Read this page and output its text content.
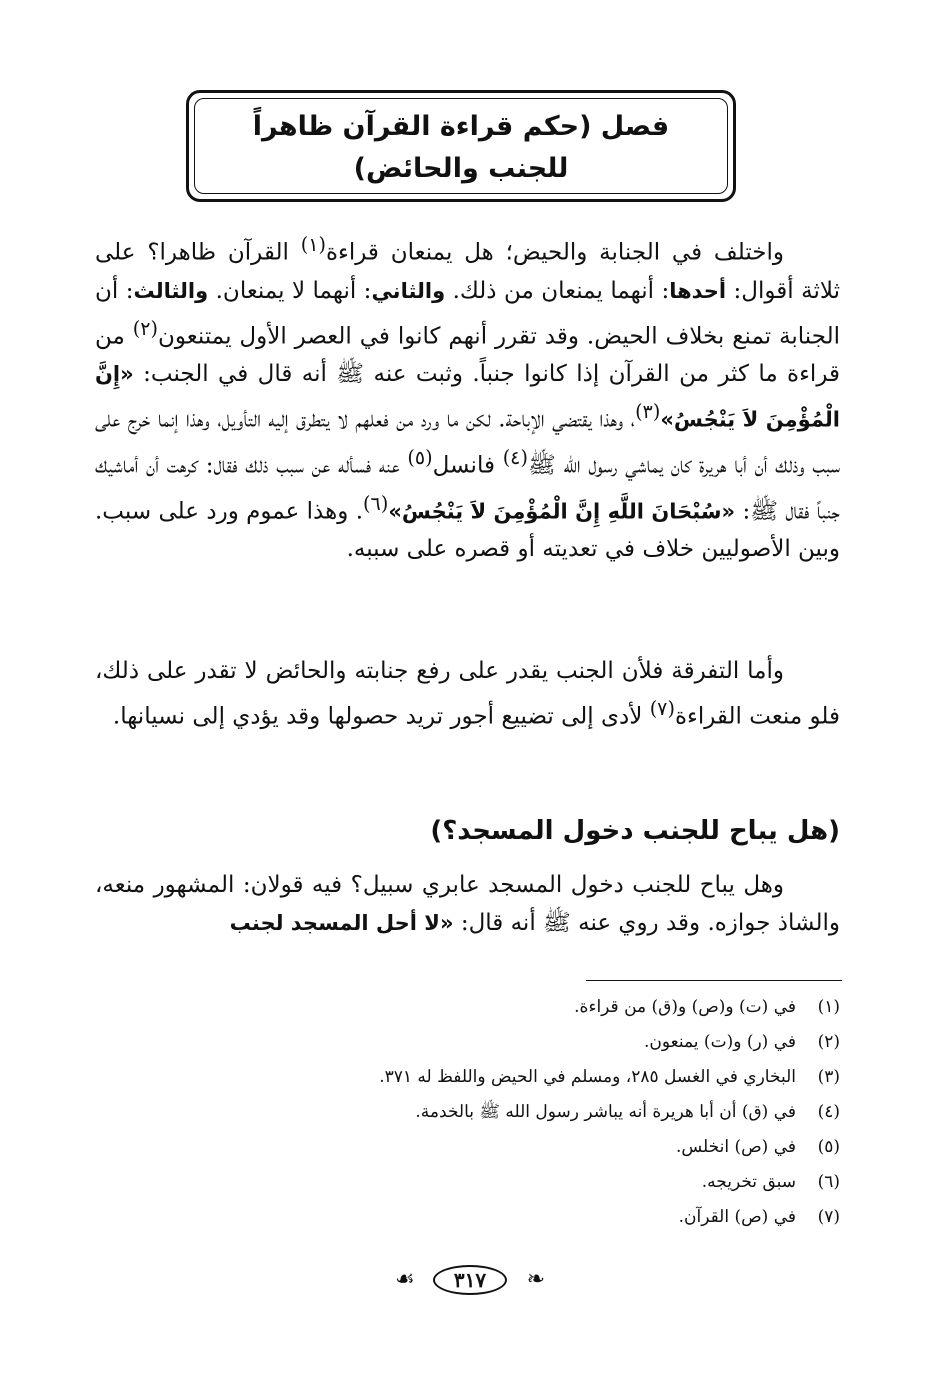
فصل (حكم قراءة القرآن ظاهراً
للجنب والحائض)

واختلف في الجنابة والحيض؛ هل يمنعان قراءة$^{(١)}$ القرآن ظاهرا؟ على ثلاثة أقوال: أحدها: أنهما يمنعان من ذلك. والثاني: أنهما لا يمنعان. والثالث: أن الجنابة تمنع بخلاف الحيض. وقد تقرر أنهم كانوا في العصر الأول يمتنعون$^{(٢)}$ من قراءة ما كثر من القرآن إذا كانوا جنباً. وثبت عنه ﷺ أنه قال في الجنب: «إِنَّ الْمُؤْمِنَ لاَ يَنْجُسُ»$^{(٣)}$، وهذا يقتضي الإباحة. لكن ما ورد من فعلهم لا يتطرق إليه التأويل، وهذا إنما خرج على سبب وذلك أن أبا هريرة كان يماشي رسول الله ﷺ$^{(٤)}$ فانسل$^{(٥)}$ عنه فسأله عن سبب ذلك فقال: كرهت أن أماشيك جنباً فقال ﷺ: «سُبْحَانَ اللَّهِ إِنَّ الْمُؤْمِنَ لاَ يَنْجُسُ»$^{(٦)}$. وهذا عموم ورد على سبب. وبين الأصوليين خلاف في تعديته أو قصره على سببه.

وأما التفرقة فلأن الجنب يقدر على رفع جنابته والحائض لا تقدر على ذلك، فلو منعت القراءة$^{(٧)}$ لأدى إلى تضييع أجور تريد حصولها وقد يؤدي إلى نسيانها.

(هل يباح للجنب دخول المسجد؟)

وهل يباح للجنب دخول المسجد عابري سبيل؟ فيه قولان: المشهور منعه، والشاذ جوازه. وقد روي عنه ﷺ أنه قال: «لا أحل المسجد لجنب

(١)في (ت) و(ص) و(ق) من قراءة.
(٢)في (ر) و(ت) يمنعون.
(٣)البخاري في الغسل ٢٨٥، ومسلم في الحيض واللفظ له ٣٧١.
(٤)في (ق) أن أبا هريرة أنه يباشر رسول الله ﷺ بالخدمة.
(٥)في (ص) انخلس.
(٦)سبق تخريجه.
(٧)في (ص) القرآن.
❧
٣١٧
☙
